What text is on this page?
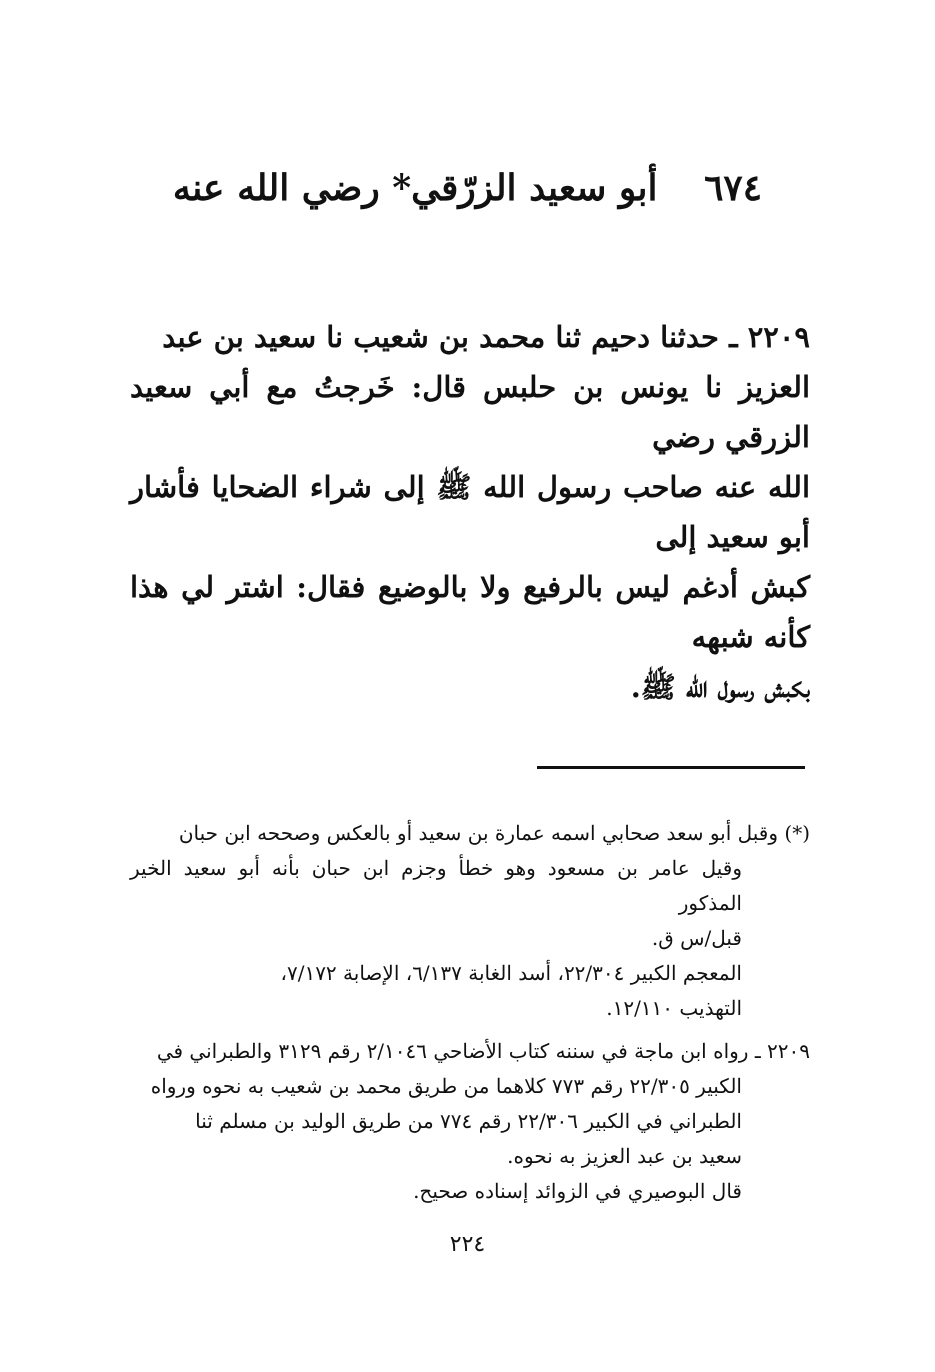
٦٧٤ أبو سعيد الزرّقي* رضي الله عنه
٢٢٠٩ ـ حدثنا دحيم ثنا محمد بن شعيب نا سعيد بن عبد
العزيز نا يونس بن حلبس قال: خَرجتُ مع أبي سعيد الزرقي رضي
الله عنه صاحب رسول الله ﷺ إلى شراء الضحايا فأشار أبو سعيد إلى
كبش أدغم ليس بالرفيع ولا بالوضيع فقال: اشتر لي هذا كأنه شبهه
بكبش رسول الله ﷺ.
(*) وقبل أبو سعد صحابي اسمه عمارة بن سعيد أو بالعكس وصححه ابن حبان
وقيل عامر بن مسعود وهو خطأ وجزم ابن حبان بأنه أبو سعيد الخير المذكور
قبل/س ق.
المعجم الكبير ٢٢/٣٠٤، أسد الغابة ٦/١٣٧، الإصابة ٧/١٧٢،
التهذيب ١٢/١١٠.
٢٢٠٩ ـ رواه ابن ماجة في سننه كتاب الأضاحي ٢/١٠٤٦ رقم ٣١٢٩ والطبراني في
الكبير ٢٢/٣٠٥ رقم ٧٧٣ كلاهما من طريق محمد بن شعيب به نحوه ورواه
الطبراني في الكبير ٢٢/٣٠٦ رقم ٧٧٤ من طريق الوليد بن مسلم ثنا
سعيد بن عبد العزيز به نحوه.
قال البوصيري في الزوائد إسناده صحيح.
٢٢٤
